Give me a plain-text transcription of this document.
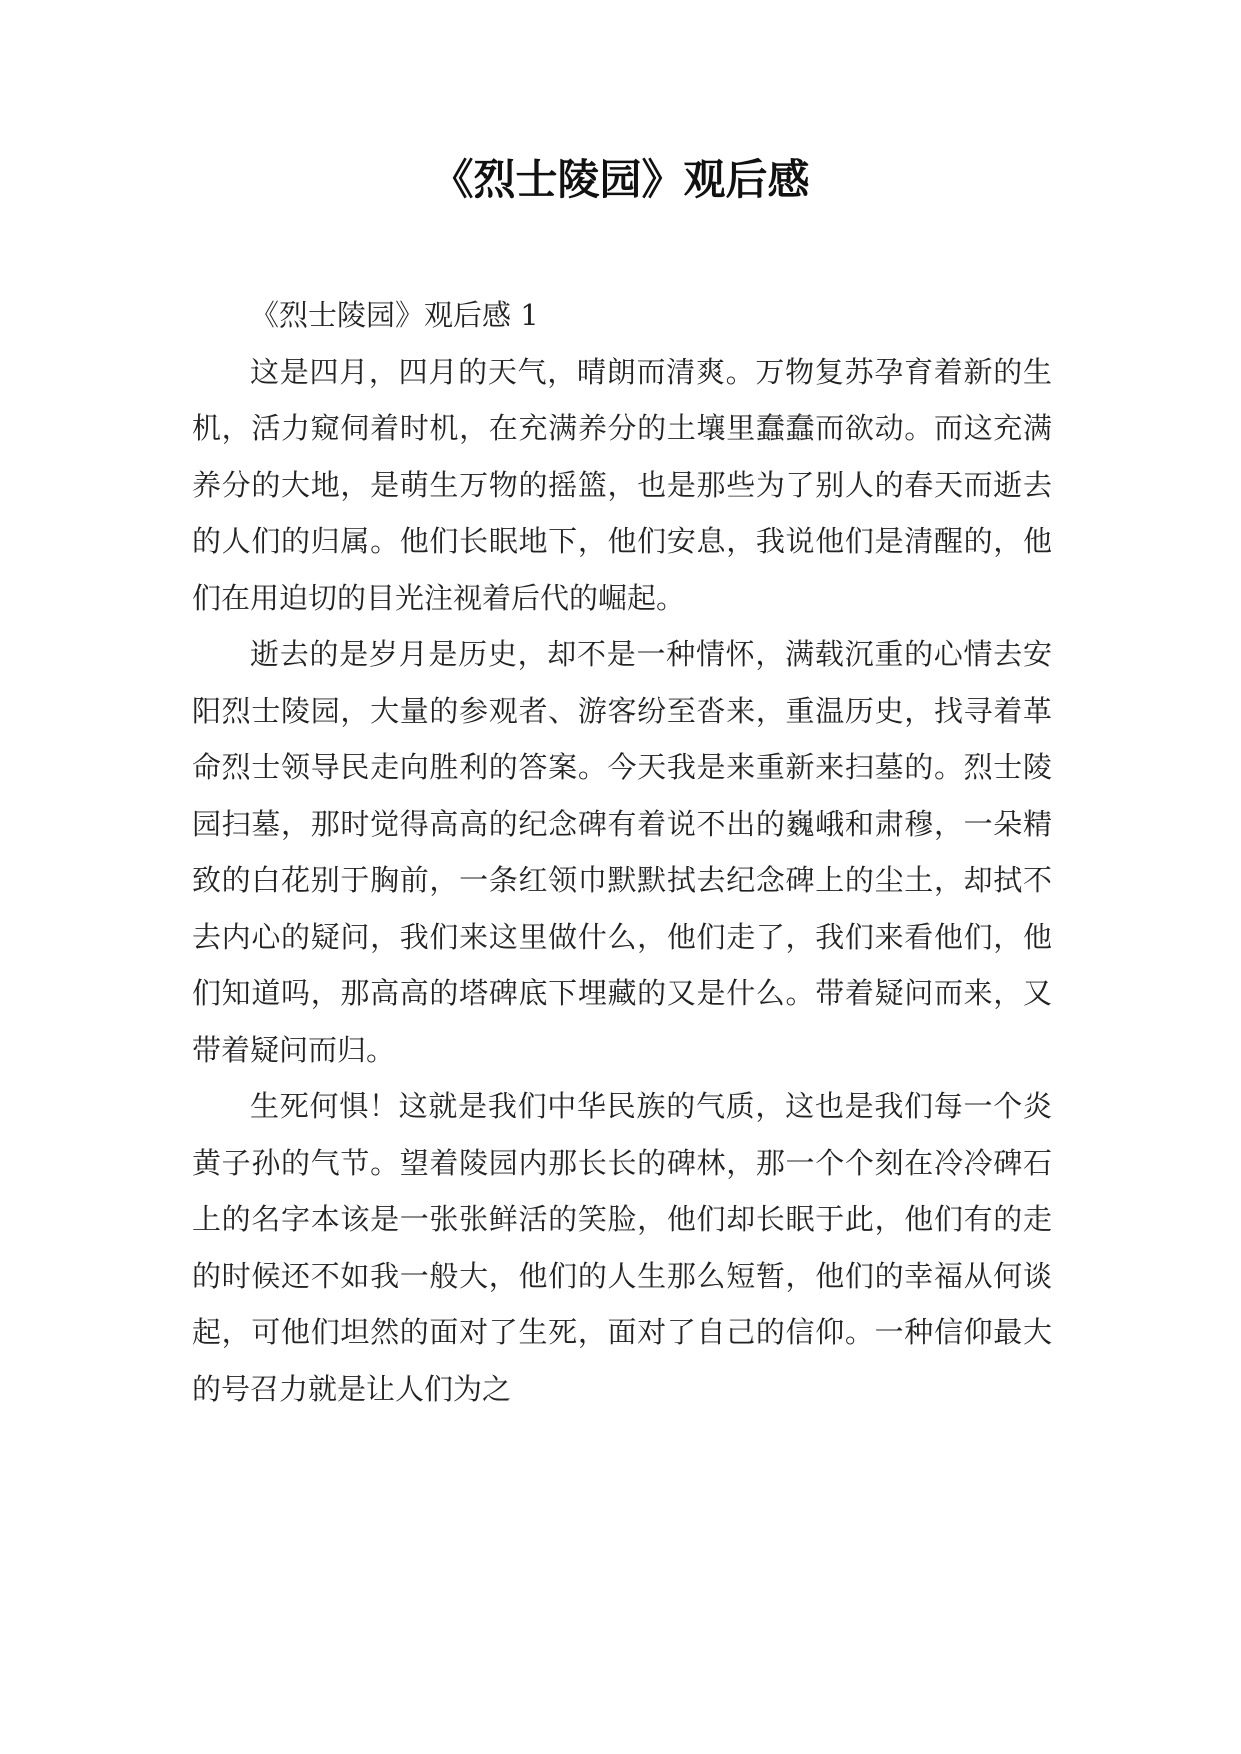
《烈士陵园》观后感

《烈士陵园》观后感 1

这是四月，四月的天气，晴朗而清爽。万物复苏孕育着新的生机，活力窥伺着时机，在充满养分的土壤里蠢蠢而欲动。而这充满养分的大地，是萌生万物的摇篮，也是那些为了别人的春天而逝去的人们的归属。他们长眠地下，他们安息，我说他们是清醒的，他们在用迫切的目光注视着后代的崛起。

逝去的是岁月是历史，却不是一种情怀，满载沉重的心情去安阳烈士陵园，大量的参观者、游客纷至沓来，重温历史，找寻着革命烈士领导民走向胜利的答案。今天我是来重新来扫墓的。烈士陵园扫墓，那时觉得高高的纪念碑有着说不出的巍峨和肃穆，一朵精致的白花别于胸前，一条红领巾默默拭去纪念碑上的尘土，却拭不去内心的疑问，我们来这里做什么，他们走了，我们来看他们，他们知道吗，那高高的塔碑底下埋藏的又是什么。带着疑问而来，又带着疑问而归。

生死何惧！这就是我们中华民族的气质，这也是我们每一个炎黄子孙的气节。望着陵园内那长长的碑林，那一个个刻在冷冷碑石上的名字本该是一张张鲜活的笑脸，他们却长眠于此，他们有的走的时候还不如我一般大，他们的人生那么短暂，他们的幸福从何谈起，可他们坦然的面对了生死，面对了自己的信仰。一种信仰最大的号召力就是让人们为之
